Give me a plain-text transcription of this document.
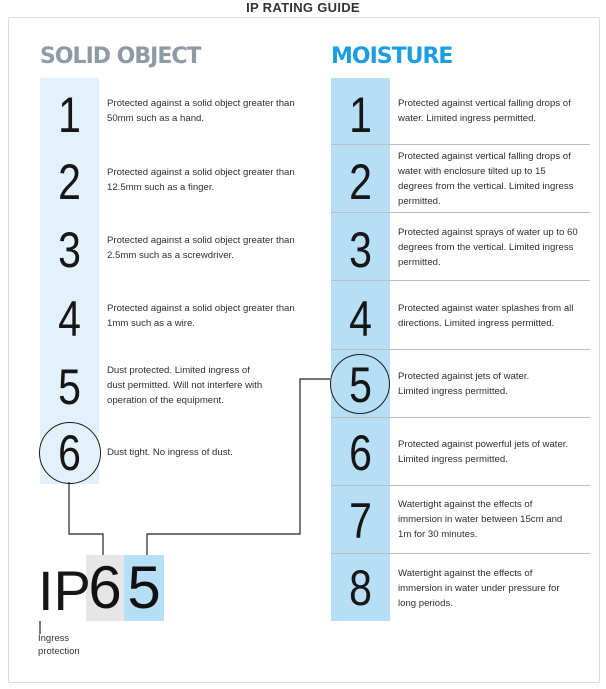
IP RATING GUIDE
SOLID OBJECT	MOISTURE
1	Protected against a solid object greater than 50mm such as a hand.
2	Protected against a solid object greater than 12.5mm such as a finger.
3	Protected against a solid object greater than 2.5mm such as a screwdriver.
4	Protected against a solid object greater than 1mm such as a wire.
5	Dust protected. Limited ingress of dust permitted. Will not interfere with operation of the equipment.
6	Dust tight. No ingress of dust.
1	Protected against vertical falling drops of water. Limited ingress permitted.
2	Protected against vertical falling drops of water with enclosure tilted up to 15 degrees from the vertical. Limited ingress permitted.
3	Protected against sprays of water up to 60 degrees from the vertical. Limited ingress permitted.
4	Protected against water splashes from all directions. Limited ingress permitted.
5	Protected against jets of water. Limited ingress permitted.
6	Protected against powerful jets of water. Limited ingress permitted.
7	Watertight against the effects of immersion in water between 15cm and 1m for 30 minutes.
8	Watertight against the effects of immersion in water under pressure for long periods.
IP
6 5
Ingress protection
